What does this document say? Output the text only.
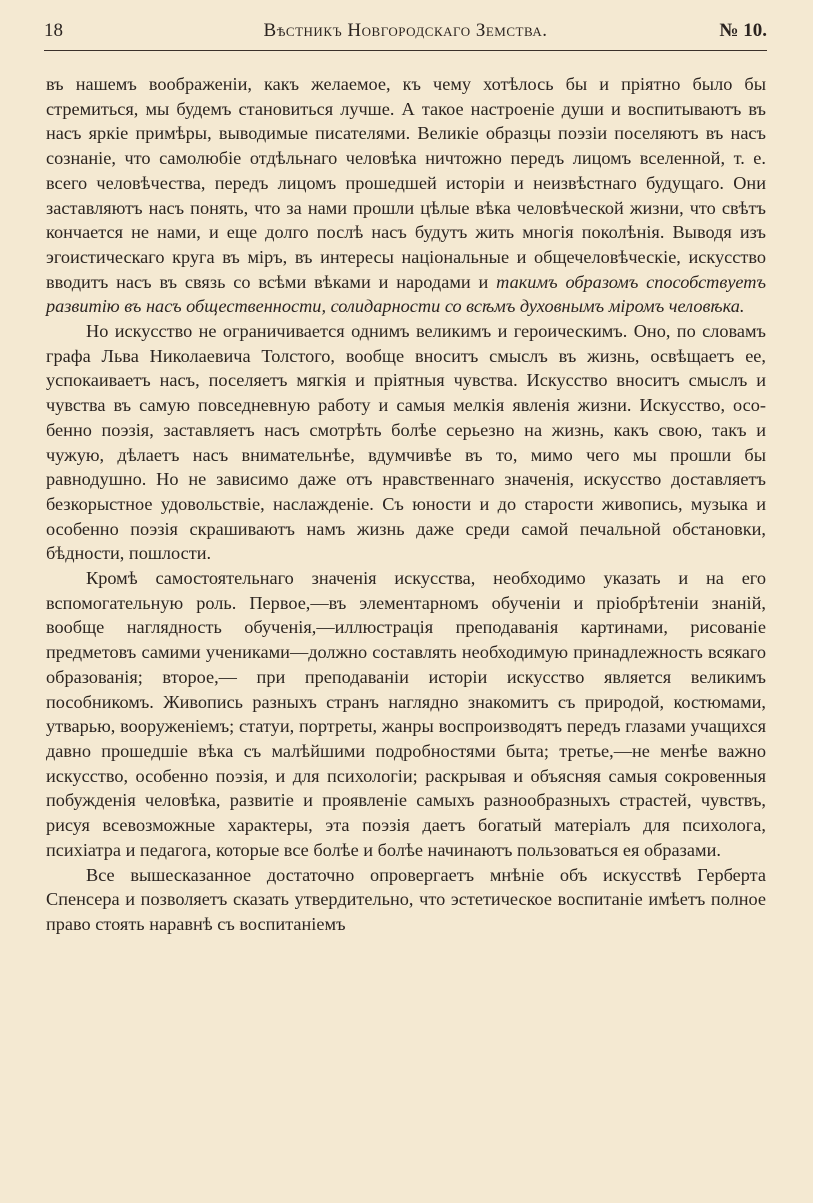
18	Вѣстникъ Новгородскаго Земства.	№ 10.

въ нашемъ воображеніи, какъ желаемое, къ чему хотѣлось бы и пріятно было бы стремиться, мы будемъ становиться лучше. А такое настроеніе души и воспитываютъ въ насъ яркіе примѣры, выводимые писателями. Великіе образцы поэзіи поселяютъ въ насъ сознаніе, что самолюбіе отдѣльнаго человѣка ничтожно передъ лицомъ вселенной, т. е. всего человѣчества, передъ лицомъ прошедшей исторіи и неизвѣстнаго будущаго. Они заставляютъ насъ понять, что за нами прошли цѣлые вѣка человѣческой жизни, что свѣтъ кончается не нами, и еще долго послѣ насъ будутъ жить многія поколѣнія. Выводя изъ эгоистическаго круга въ міръ, въ интересы національные и общечеловѣческіе, искусство вводитъ насъ въ связь со всѣми вѣками и народами и такимъ образомъ способствуетъ развитію въ насъ общественности, солидарности со всѣмъ духовнымъ міромъ человѣка.

Но искусство не ограничивается однимъ великимъ и героическимъ. Оно, по словамъ графа Льва Николаевича Толстого, вообще вноситъ смыслъ въ жизнь, освѣщаетъ ее, успокаиваетъ насъ, поселяетъ мягкія и пріятныя чувства. Искусство вноситъ смыслъ и чувства въ самую повседневную работу и самыя мелкія явленія жизни. Искусство, особенно поэзія, заставляетъ насъ смотрѣть болѣе серьезно на жизнь, какъ свою, такъ и чужую, дѣлаетъ насъ внимательнѣе, вдумчивѣе въ то, мимо чего мы прошли бы равнодушно. Но не зависимо даже отъ нравственнаго значенія, искусство доставляетъ безкорыстное удовольствіе, наслажденіе. Съ юности и до старости живопись, музыка и особенно поэзія скрашиваютъ намъ жизнь даже среди самой печальной обстановки, бѣдности, пошлости.

Кромѣ самостоятельнаго значенія искусства, необходимо указать и на его вспомогательную роль. Первое,—въ элементарномъ обученіи и пріобрѣтеніи знаній, вообще наглядность обученія,—иллюстрація преподаванія картинами, рисованіе предметовъ самими учениками—должно составлять необходимую принадлежность всякаго образованія; второе,— при преподаваніи исторіи искусство является великимъ пособникомъ. Живопись разныхъ странъ наглядно знакомитъ съ природой, костюмами, утварью, вооруженіемъ; статуи, портреты, жанры воспроизводятъ передъ глазами учащихся давно прошедшіе вѣка съ малѣйшими подробностями быта; третье,—не менѣе важно искусство, особенно поэзія, и для психологіи; раскрывая и объясняя самыя сокровенныя побужденія человѣка, развитіе и проявленіе самыхъ разнообразныхъ страстей, чувствъ, рисуя всевозможные характеры, эта поэзія даетъ богатый матеріалъ для психолога, психіатра и педагога, которые все болѣе и болѣе начинаютъ пользоваться ея образами.

Все вышесказанное достаточно опровергаетъ мнѣніе объ искусствѣ Герберта Спенсера и позволяетъ сказать утвердительно, что эстетическое воспитаніе имѣетъ полное право стоять наравнѣ съ воспитаніемъ
